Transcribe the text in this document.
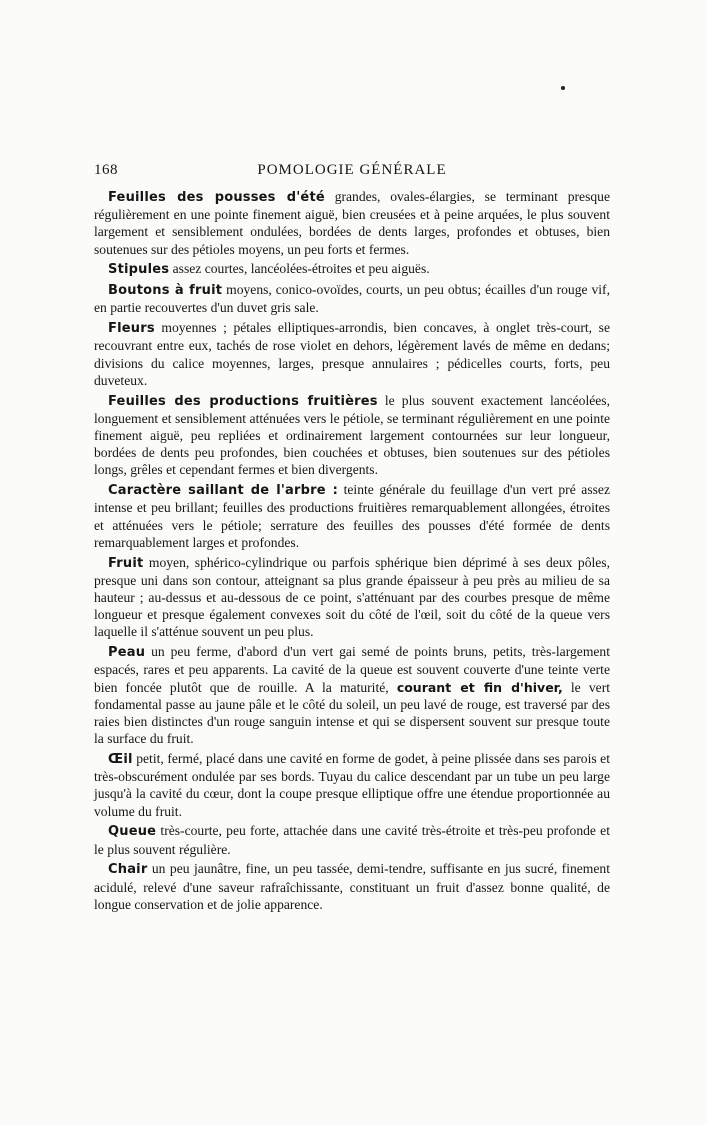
POMOLOGIE GÉNÉRALE
168

Feuilles des pousses d'été grandes, ovales-élargies, se terminant presque régulièrement en une pointe finement aiguë, bien creusées et à peine arquées, le plus souvent largement et sensiblement ondulées, bordées de dents larges, profondes et obtuses, bien soutenues sur des pétioles moyens, un peu forts et fermes.

Stipules assez courtes, lancéolées-étroites et peu aiguës.

Boutons à fruit moyens, conico-ovoïdes, courts, un peu obtus; écailles d'un rouge vif, en partie recouvertes d'un duvet gris sale.

Fleurs moyennes ; pétales elliptiques-arrondis, bien concaves, à onglet très-court, se recouvrant entre eux, tachés de rose violet en dehors, légèrement lavés de même en dedans; divisions du calice moyennes, larges, presque annulaires ; pédicelles courts, forts, peu duveteux.

Feuilles des productions fruitières le plus souvent exactement lancéolées, longuement et sensiblement atténuées vers le pétiole, se terminant régulièrement en une pointe finement aiguë, peu repliées et ordinairement largement contournées sur leur longueur, bordées de dents peu profondes, bien couchées et obtuses, bien soutenues sur des pétioles longs, grêles et cependant fermes et bien divergents.

Caractère saillant de l'arbre : teinte générale du feuillage d'un vert pré assez intense et peu brillant; feuilles des productions fruitières remarquablement allongées, étroites et atténuées vers le pétiole; serrature des feuilles des pousses d'été formée de dents remarquablement larges et profondes.

Fruit moyen, sphérico-cylindrique ou parfois sphérique bien déprimé à ses deux pôles, presque uni dans son contour, atteignant sa plus grande épaisseur à peu près au milieu de sa hauteur ; au-dessus et au-dessous de ce point, s'atténuant par des courbes presque de même longueur et presque également convexes soit du côté de l'œil, soit du côté de la queue vers laquelle il s'atténue souvent un peu plus.

Peau un peu ferme, d'abord d'un vert gai semé de points bruns, petits, très-largement espacés, rares et peu apparents. La cavité de la queue est souvent couverte d'une teinte verte bien foncée plutôt que de rouille. A la maturité, courant et fin d'hiver, le vert fondamental passe au jaune pâle et le côté du soleil, un peu lavé de rouge, est traversé par des raies bien distinctes d'un rouge sanguin intense et qui se dispersent souvent sur presque toute la surface du fruit.

Œil petit, fermé, placé dans une cavité en forme de godet, à peine plissée dans ses parois et très-obscurément ondulée par ses bords. Tuyau du calice descendant par un tube un peu large jusqu'à la cavité du cœur, dont la coupe presque elliptique offre une étendue proportionnée au volume du fruit.

Queue très-courte, peu forte, attachée dans une cavité très-étroite et très-peu profonde et le plus souvent régulière.

Chair un peu jaunâtre, fine, un peu tassée, demi-tendre, suffisante en jus sucré, finement acidulé, relevé d'une saveur rafraîchissante, constituant un fruit d'assez bonne qualité, de longue conservation et de jolie apparence.
